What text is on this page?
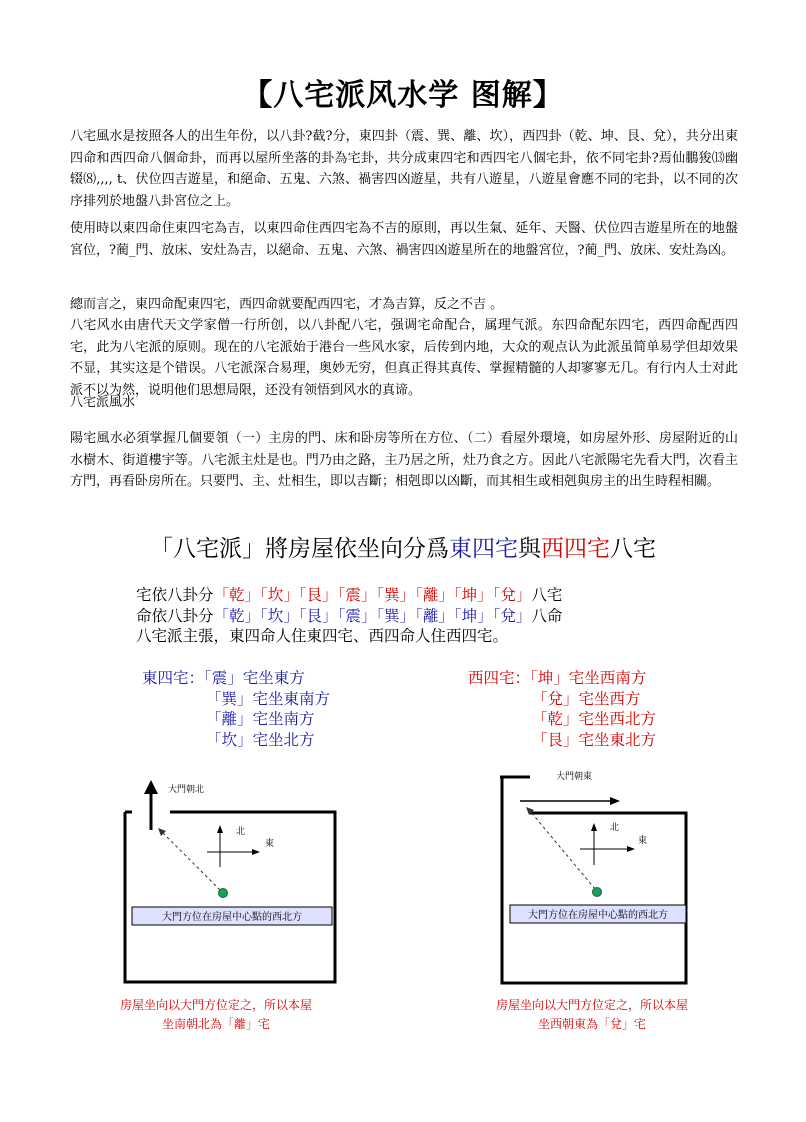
【八宅派风水学 图解】

八宅風水是按照各人的出生年份，以八卦?截?分，東四卦（震、巽、離、坎），西四卦（乾、坤、艮、兌），共分出東四命和西四命八個命卦，而再以屋所坐落的卦為宅卦，共分成東四宅和西四宅八個宅卦，依不同宅卦?焉仙鵬狻⒀幽辍⑻,,,, t、伏位四吉遊星，和絕命、五鬼、六煞、禍害四凶遊星，共有八遊星，八遊星會應不同的宅卦，以不同的次序排列於地盤八卦宮位之上。

使用時以東四命住東四宅為吉，以東四命住西四宅為不吉的原則，再以生氣、延年、天醫、伏位四吉遊星所在的地盤宮位，?蔺_門、放床、安灶為吉，以絕命、五鬼、六煞、禍害四凶遊星所在的地盤宮位，?蔺_門、放床、安灶為凶。

總而言之，東四命配東四宅，西四命就要配西四宅，才為吉算，反之不吉 。

八宅风水由唐代天文学家僧一行所创，以八卦配八宅，强调宅命配合，属理气派。东四命配东四宅，西四命配西四宅，此为八宅派的原则。现在的八宅派始于港台一些风水家，后传到内地，大众的观点认为此派虽简单易学但却效果不显，其实这是个错误。八宅派深合易理，奥妙无穷，但真正得其真传、掌握精髓的人却寥寥无几。有行内人士对此派不以为然，说明他们思想局限，还没有领悟到风水的真谛。

八宅派風水

陽宅風水必須掌握几個要領（一）主房的門、床和卧房等所在方位、（二）看屋外環境，如房屋外形、房屋附近的山水樹木、街道樓宇等。八宅派主灶是也。門乃由之路，主乃居之所，灶乃食之方。因此八宅派陽宅先看大門，次看主方門，再看卧房所在。只要門、主、灶相生，即以吉斷；相剋即以凶斷，而其相生或相剋與房主的出生時程相關。

「八宅派」將房屋依坐向分爲東四宅與西四宅八宅
宅依八卦分「乾」「坎」「艮」「震」「巽」「離」「坤」「兌」八宅
命依八卦分「乾」「坎」「艮」「震」「巽」「離」「坤」「兌」八命
八宅派主張，東四命人住東四宅、西四命人住西四宅。
東四宅：「震」宅坐東方
「巽」宅坐東南方
「離」宅坐南方
「坎」宅坐北方
西四宅：「坤」宅坐西南方
「兌」宅坐西方
「乾」宅坐西北方
「艮」宅坐東北方
大門朝北
北
東
大門方位在房屋中心點的西北方
大門朝東
北
東
大門方位在房屋中心點的西北方
房屋坐向以大門方位定之，所以本屋
坐南朝北為「離」宅
房屋坐向以大門方位定之，所以本屋
坐西朝東為「兌」宅
